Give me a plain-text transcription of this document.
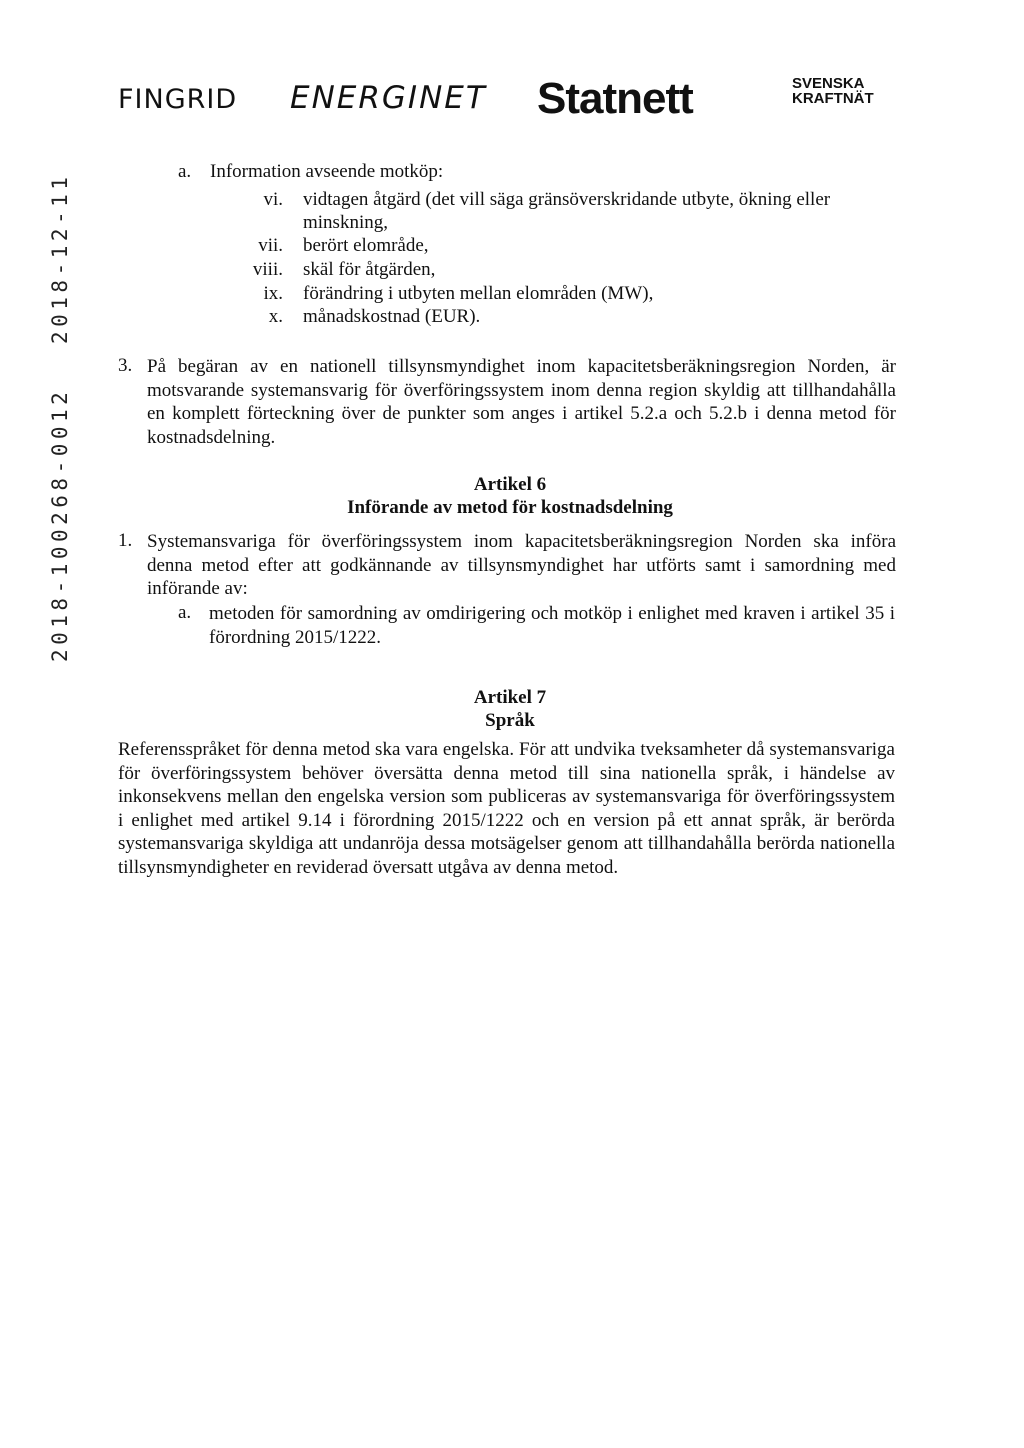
FINGRID ENERGINET Statnett	SVENSKA
KRAFTNÄT
2018-12-11
2018-100268-0012
a. Information avseende motköp:
vi. vidtagen åtgärd (det vill säga gränsöverskridande utbyte, ökning eller
minskning,
vii. berört elområde,
viii. skäl för åtgärden,
ix. förändring i utbyten mellan elområden (MW),
x. månadskostnad (EUR).
3. På begäran av en nationell tillsynsmyndighet inom kapacitetsberäkningsregion Norden, är motsvarande systemansvarig för överföringssystem inom denna region skyldig att tillhandahålla en komplett förteckning över de punkter som anges i artikel 5.2.a och 5.2.b i denna metod för kostnadsdelning.
Artikel 6
Införande av metod för kostnadsdelning
1. Systemansvariga för överföringssystem inom kapacitetsberäkningsregion Norden ska införa denna metod efter att godkännande av tillsynsmyndighet har utförts samt i samordning med införande av:
a. metoden för samordning av omdirigering och motköp i enlighet med kraven i artikel 35 i förordning 2015/1222.
Artikel 7
Språk
Referensspråket för denna metod ska vara engelska. För att undvika tveksamheter då systemansvariga för överföringssystem behöver översätta denna metod till sina nationella språk, i händelse av inkonsekvens mellan den engelska version som publiceras av systemansvariga för överföringssystem i enlighet med artikel 9.14 i förordning 2015/1222 och en version på ett annat språk, är berörda systemansvariga skyldiga att undanröja dessa motsägelser genom att tillhandahålla berörda nationella tillsynsmyndigheter en reviderad översatt utgåva av denna metod.
